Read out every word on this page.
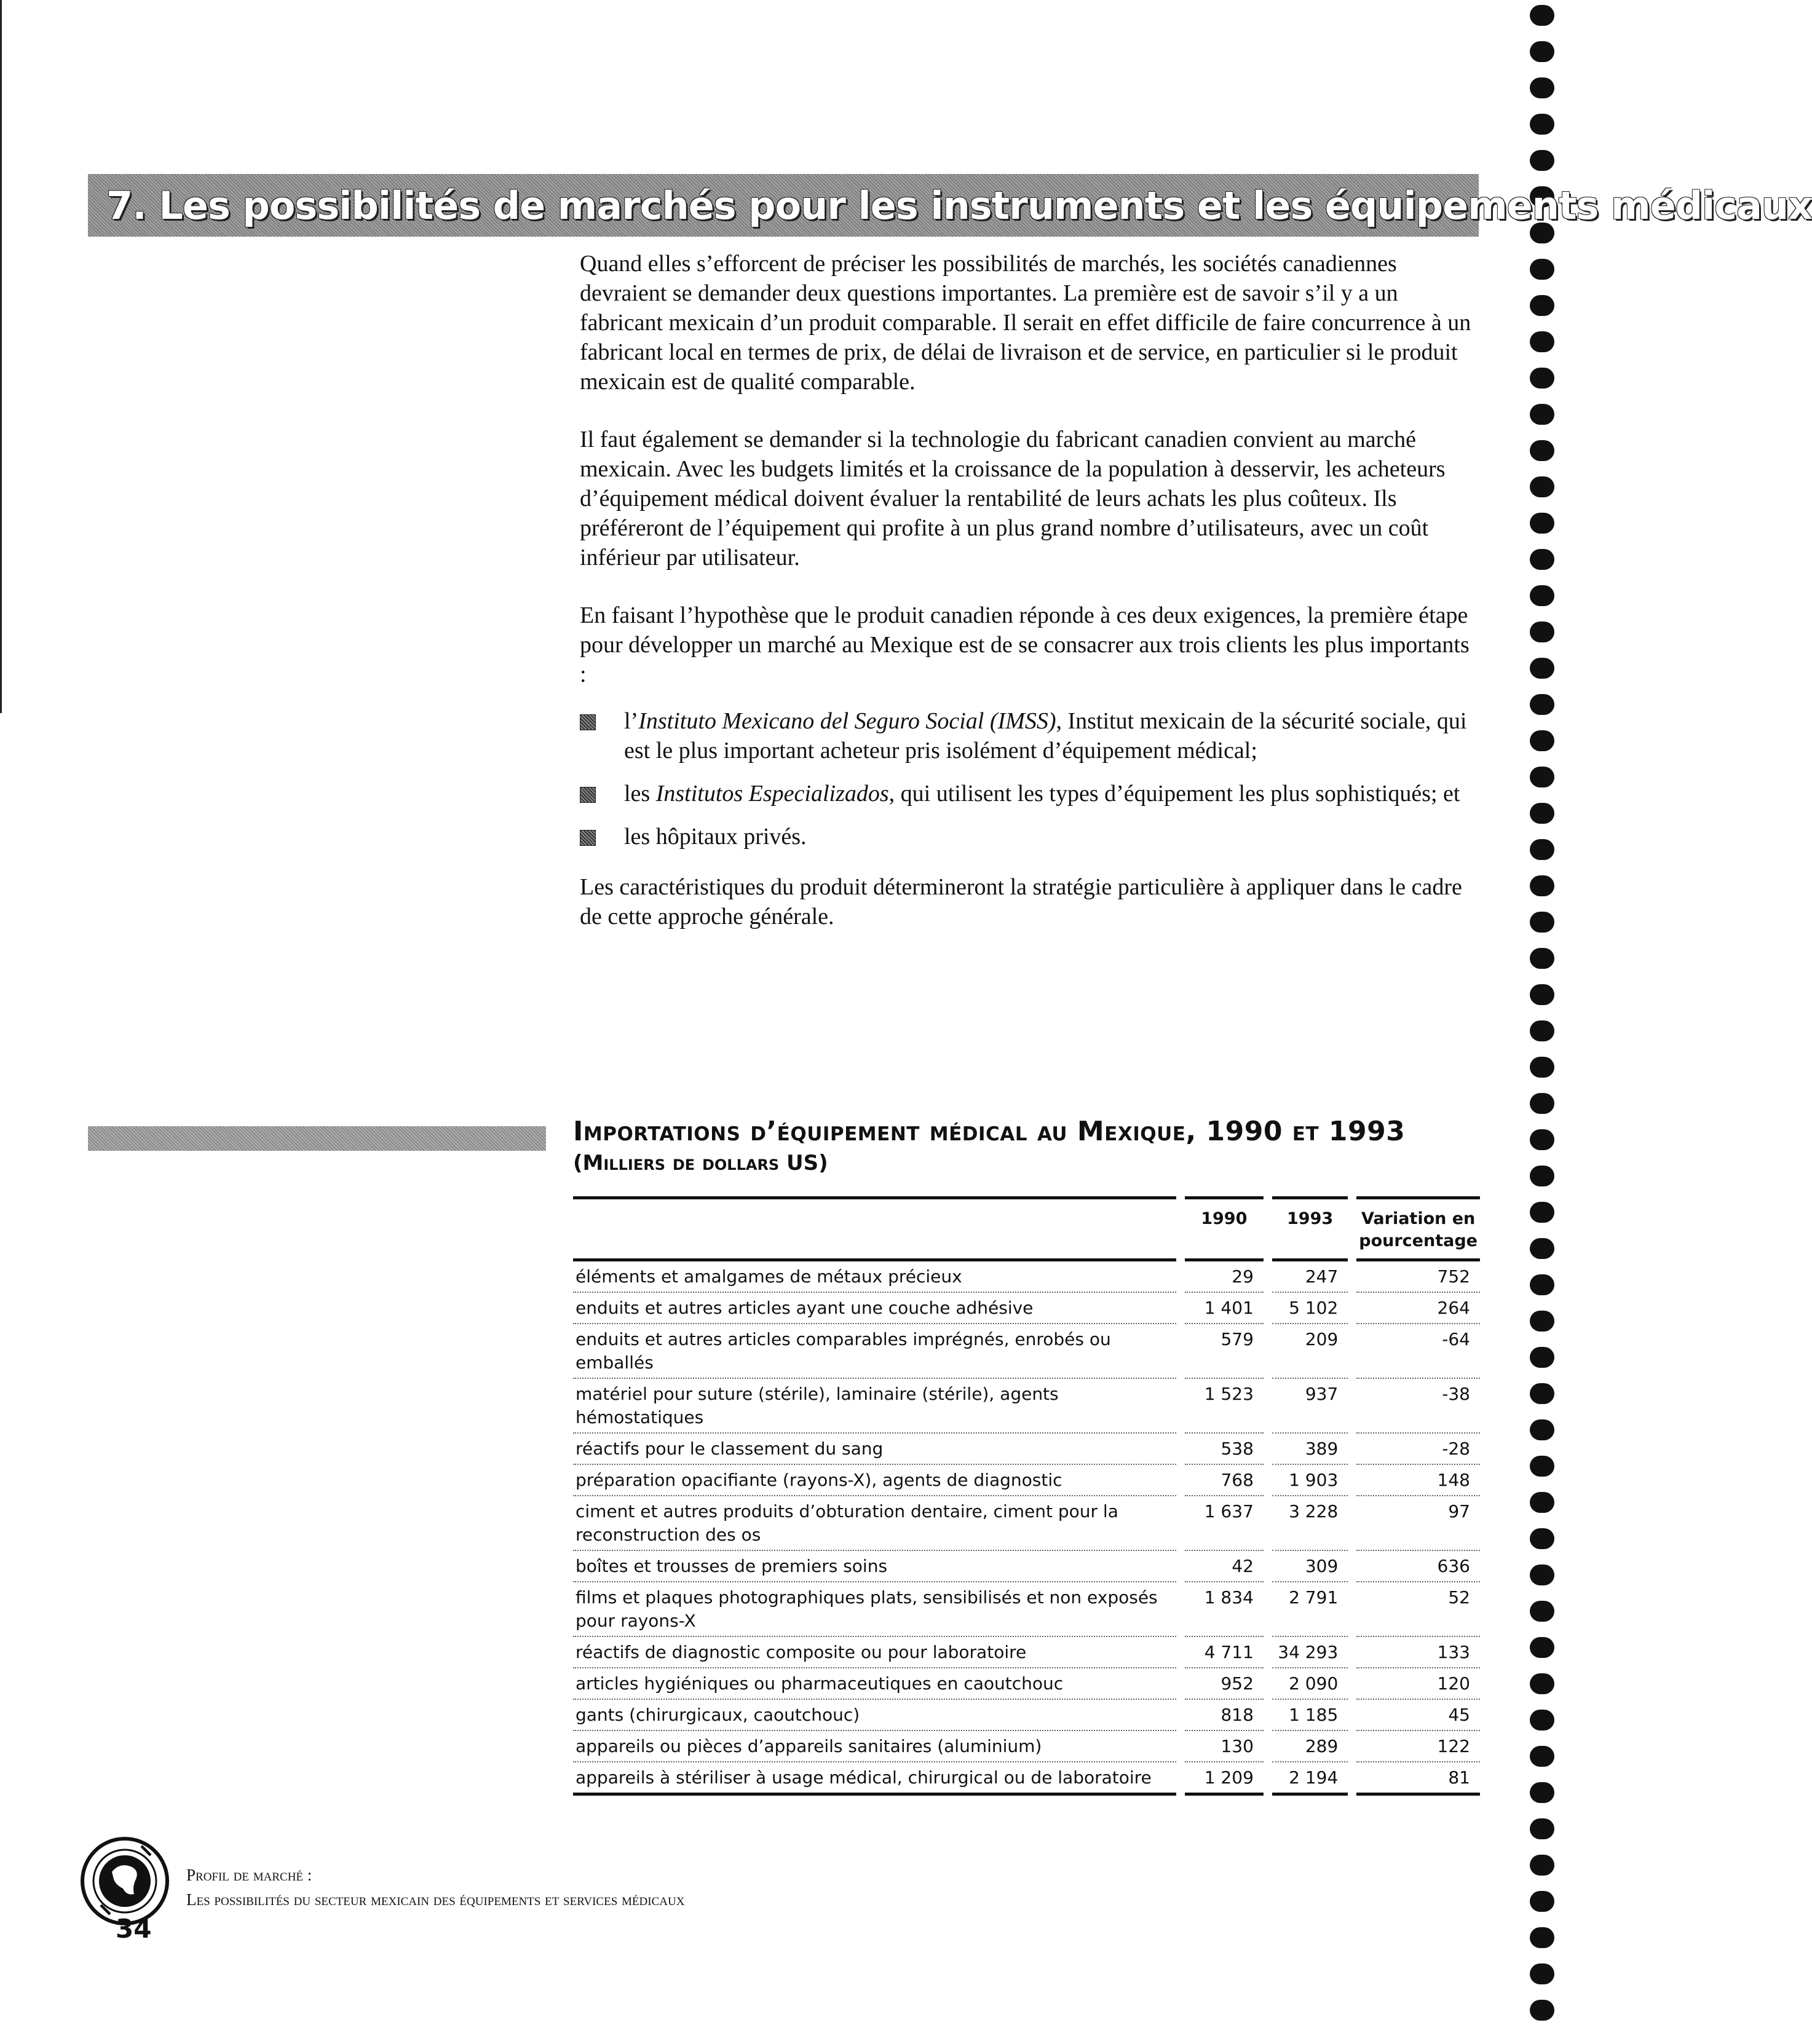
7. Les possibilités de marchés pour les instruments et les équipements médicaux

Quand elles s’efforcent de préciser les possibilités de marchés, les sociétés canadiennes devraient se demander deux questions importantes. La première est de savoir s’il y a un fabricant mexicain d’un produit comparable. Il serait en effet difficile de faire concurrence à un fabricant local en termes de prix, de délai de livraison et de service, en particulier si le produit mexicain est de qualité comparable.

Il faut également se demander si la technologie du fabricant canadien convient au marché mexicain. Avec les budgets limités et la croissance de la population à desservir, les acheteurs d’équipement médical doivent évaluer la rentabilité de leurs achats les plus coûteux. Ils préféreront de l’équipement qui profite à un plus grand nombre d’utilisateurs, avec un coût inférieur par utilisateur.

En faisant l’hypothèse que le produit canadien réponde à ces deux exigences, la première étape pour développer un marché au Mexique est de se consacrer aux trois clients les plus importants :

l’Instituto Mexicano del Seguro Social (IMSS), Institut mexicain de la sécurité sociale, qui est le plus important acheteur pris isolément d’équipement médical;
les Institutos Especializados, qui utilisent les types d’équipement les plus sophistiqués; et
les hôpitaux privés.

Les caractéristiques du produit détermineront la stratégie particulière à appliquer dans le cadre de cette approche générale.

Importations d’équipement médical au Mexique, 1990 et 1993
(Milliers de dollars US)
	1990	1993	Variation en pourcentage
éléments et amalgames de métaux précieux	29	247	752
enduits et autres articles ayant une couche adhésive	1 401	5 102	264
enduits et autres articles comparables imprégnés, enrobés ou emballés	579	209	-64
matériel pour suture (stérile), laminaire (stérile), agents hémostatiques	1 523	937	-38
réactifs pour le classement du sang	538	389	-28
préparation opacifiante (rayons-X), agents de diagnostic	768	1 903	148
ciment et autres produits d’obturation dentaire, ciment pour la reconstruction des os	1 637	3 228	97
boîtes et trousses de premiers soins	42	309	636
films et plaques photographiques plats, sensibilisés et non exposés pour rayons-X	1 834	2 791	52
réactifs de diagnostic composite ou pour laboratoire	4 711	34 293	133
articles hygiéniques ou pharmaceutiques en caoutchouc	952	2 090	120
gants (chirurgicaux, caoutchouc)	818	1 185	45
appareils ou pièces d’appareils sanitaires (aluminium)	130	289	122
appareils à stériliser à usage médical, chirurgical ou de laboratoire	1 209	2 194	81
Profil de marché :
Les possibilités du secteur mexicain des équipements et services médicaux
34
